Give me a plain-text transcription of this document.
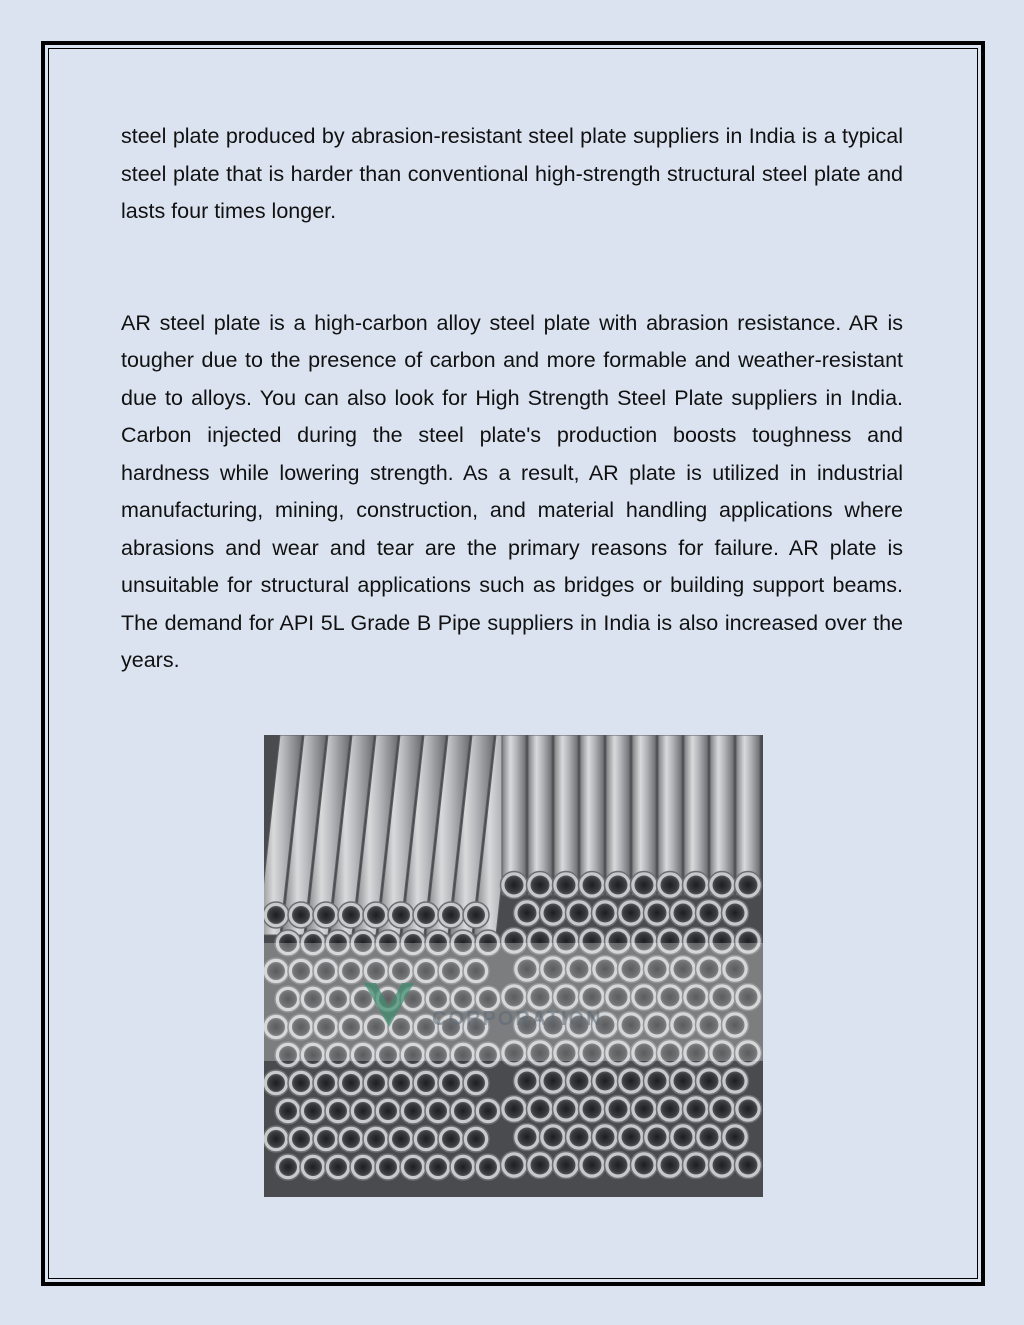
steel plate produced by abrasion-resistant steel plate suppliers in India is a typical steel plate that is harder than conventional high-strength structural steel plate and lasts four times longer.

AR steel plate is a high-carbon alloy steel plate with abrasion resistance. AR is tougher due to the presence of carbon and more formable and weather-resistant due to alloys. You can also look for High Strength Steel Plate suppliers in India. Carbon injected during the steel plate's production boosts toughness and hardness while lowering strength. As a result, AR plate is utilized in industrial manufacturing, mining, construction, and material handling applications where abrasions and wear and tear are the primary reasons for failure. AR plate is unsuitable for structural applications such as bridges or building support beams. The demand for API 5L Grade B Pipe suppliers in India is also increased over the years.

CORPORATION
